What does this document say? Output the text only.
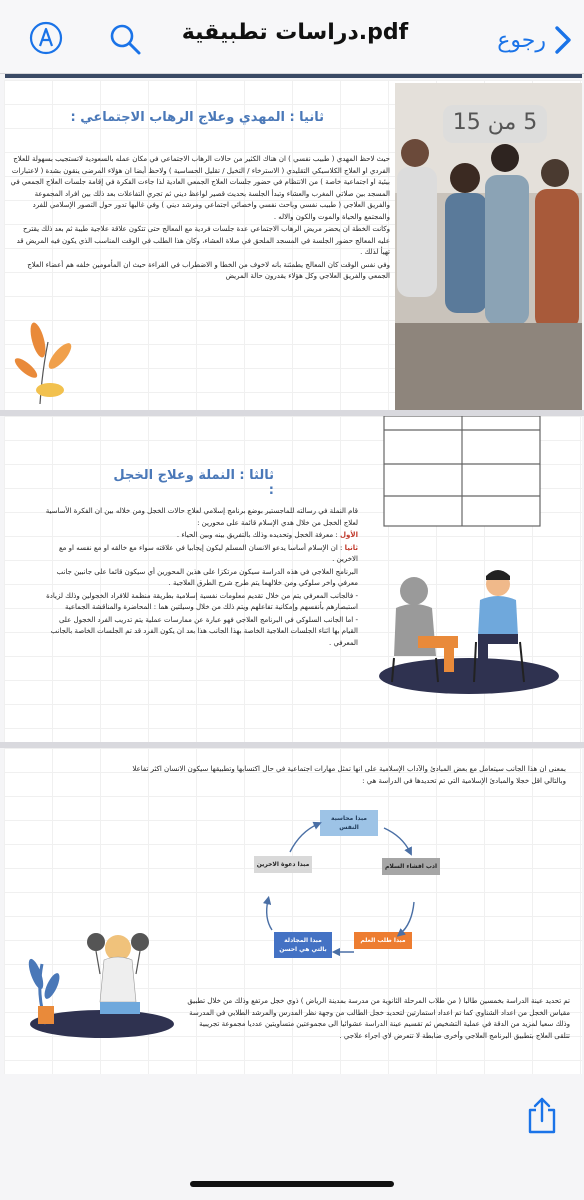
دراسات تطبيقية.pdf	رجوع
ثانيا : المهدي وعلاج الرهاب الاجتماعي :
حيث لاحظ المهدي ( طبيب نفسي ) ان هناك الكثير من حالات الرهاب الاجتماعي في مكان عمله بالسعودية لاتستجيب بسهولة للعلاج الفردي او العلاج الكلاسيكي التقليدي ( الاسترخاء / التخيل / تقليل الحساسية ) ولاحظ أيضا ان هؤلاء المرضى ينقون بشدة ( لاعتبارات بيئية او اجتماعية خاصة ) من الانتظام في حضور جلسات العلاج الجمعي العادية لذا جاءت الفكرة في إقامة جلسات العلاج الجمعي في المسجد بين صلاتي المغرب والعشاء وتبدأ الجلسة بحديث قصير لواعظ ديني ثم تجري التفاعلات بعد ذلك بين افراد المجموعة والفريق العلاجي ( طبيب نفسي وباحث نفسي واخصائي اجتماعي ومرشد ديني ) وفي غالبها تدور حول التصور الإسلامي للفرد والمجتمع والحياة والموت والكون والاله .
وكانت الخطة ان يحضر مريض الرهاب الاجتماعي عدة جلسات فردية مع المعالج حتى تتكون علاقة علاجية طيبة ثم بعد ذلك يقترح عليه المعالج حضور الجلسة في المسجد الملحق في صلاة العشاء، وكان هذا الطلب في الوقت المناسب الذي يكون فيه المريض قد تهيأ لذلك .
وفي نفس الوقت كان المعالج يطمئنة بانه لاخوف من الخطا و الاضطراب في القراءة حيث ان المأمومين خلفه هم أعضاء العلاج الجمعي والفريق العلاجي وكل هؤلاء يقدرون حالة المريض
5 من 15
ثالثا : النملة وعلاج الخجل :
قام النملة في رسالته للماجستير بوضع برنامج إسلامي لعلاج حالات الخجل ومن خلاله بين ان الفكرة الأساسية لعلاج الخجل من خلال هدي الإسلام قائمة على محورين :
الأول : معرفة الخجل وتحديده وذلك بالتفريق بينه وبين الحياء .
ثانيا : ان الإسلام أساسا يدعو الانسان المسلم ليكون إيجابيا في علاقته سواء مع خالقه او مع نفسه او مع الاخرين .
البرنامج العلاجي في هذه الدراسة سيكون مرتكزا على هذين المحورين أي سيكون قائما على جانبين جانب معرفي واخر سلوكي ومن خلالهما يتم طرح شرح الطرق العلاجية .
- فالجانب المعرفي يتم من خلال تقديم معلومات نفسية إسلامية بطريقة منظمة للافراد الخجولين وذلك لزيادة استبصارهم بأنفسهم وإمكانية تفاعلهم ويتم ذلك من خلال وسيلتين هما : المحاضرة والمناقشة الجماعية
- اما الجانب السلوكي في البرنامج العلاجي فهو عبارة عن ممارسات عملية يتم تدريب الفرد الخجول على القيام بها اثناء الجلسات العلاجية الخاصة بهذا الجانب هذا بعد ان يكون الفرد قد تم الجلسات الخاصة بالجانب المعرفي .
بمعنى ان هذا الجانب سيتعامل مع بعض المبادئ والآداب الإسلامية على انها تمثل مهارات اجتماعية في حال اكتسابها وتطبيقها سيكون الانسان اكثر تفاعلا وبالتالي اقل خجلا والمبادئ الإسلامية التي تم تحديدها في الدراسة هي :
مبدا محاسبة النفس
ادب افشاء السلام
مبدا طلب العلم
مبدا المجادلة بالتي هي احسن
مبدا دعوة الاخرين
تم تحديد عينة الدراسة بخمسين طالبا ( من طلاب المرحلة الثانوية من مدرسة بمدينة الرياض ) ذوي خجل مرتفع وذلك من خلال تطبيق مقياس الخجل من اعداد الشناوي كما تم اعداد استمارتين لتحديد خجل الطالب من وجهة نظر المدرس والمرشد الطلابي في المدرسة وذلك سعيا لمزيد من الدقة في عملية التشخيص ثم تقسيم عينة الدراسة عشوائيا الى مجموعتين متساويتين عدديا مجموعة تجريبية تتلقى العلاج بتطبيق البرنامج العلاجي وأخرى ضابطة لا تتعرض لاي اجراء علاجي .
